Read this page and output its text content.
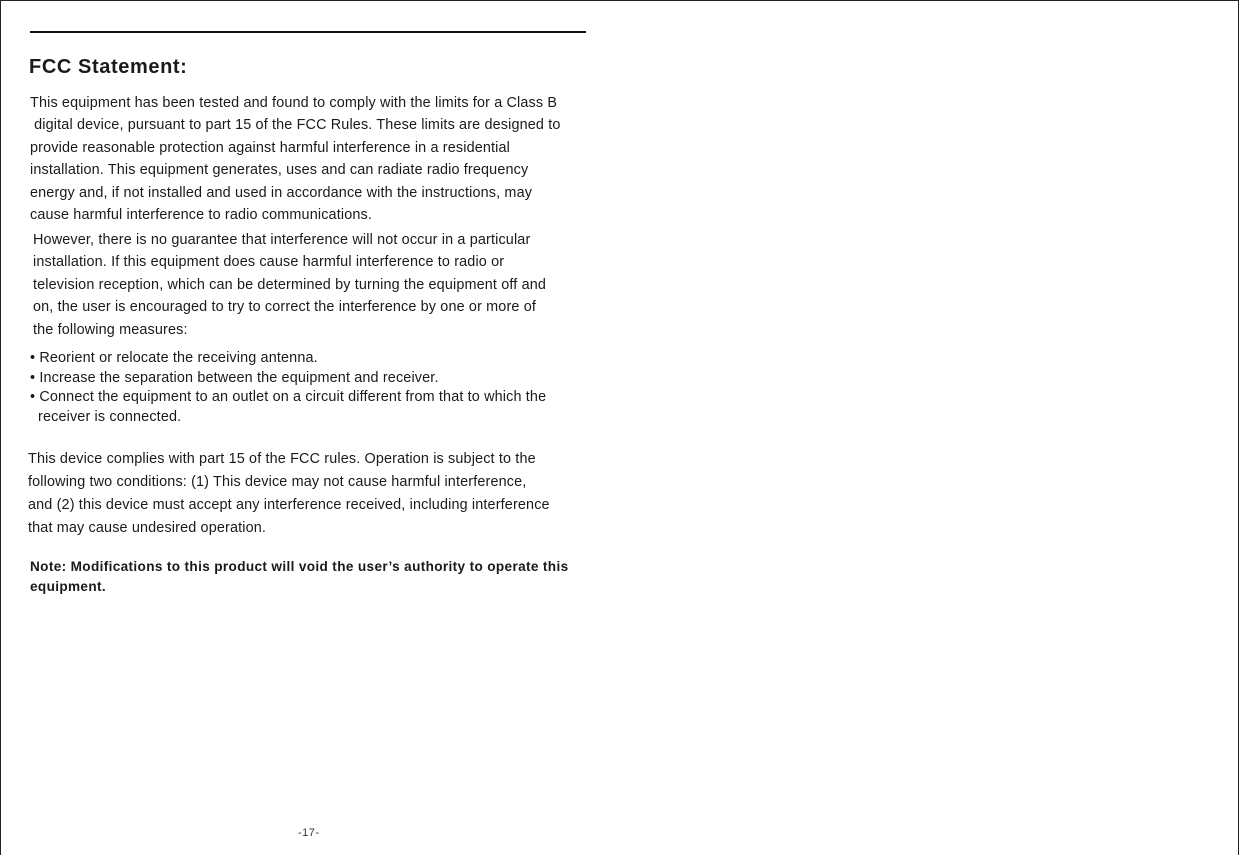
FCC Statement:
This equipment has been tested and found to comply with the limits for a Class B
digital device, pursuant to part 15 of the FCC Rules. These limits are designed to
provide reasonable protection against harmful interference in a residential
installation. This equipment generates, uses and can radiate radio frequency
energy and, if not installed and used in accordance with the instructions, may
cause harmful interference to radio communications.
However, there is no guarantee that interference will not occur in a particular
installation. If this equipment does cause harmful interference to radio or
television reception, which can be determined by turning the equipment off and
on, the user is encouraged to try to correct the interference by one or more of
the following measures:
• Reorient or relocate the receiving antenna.
• Increase the separation between the equipment and receiver.
• Connect the equipment to an outlet on a circuit different from that to which the
receiver is connected.
This device complies with part 15 of the FCC rules. Operation is subject to the
following two conditions: (1) This device may not cause harmful interference,
and (2) this device must accept any interference received, including interference
that may cause undesired operation.
Note: Modifications to this product will void the user’s authority to operate this
equipment.
-17-
